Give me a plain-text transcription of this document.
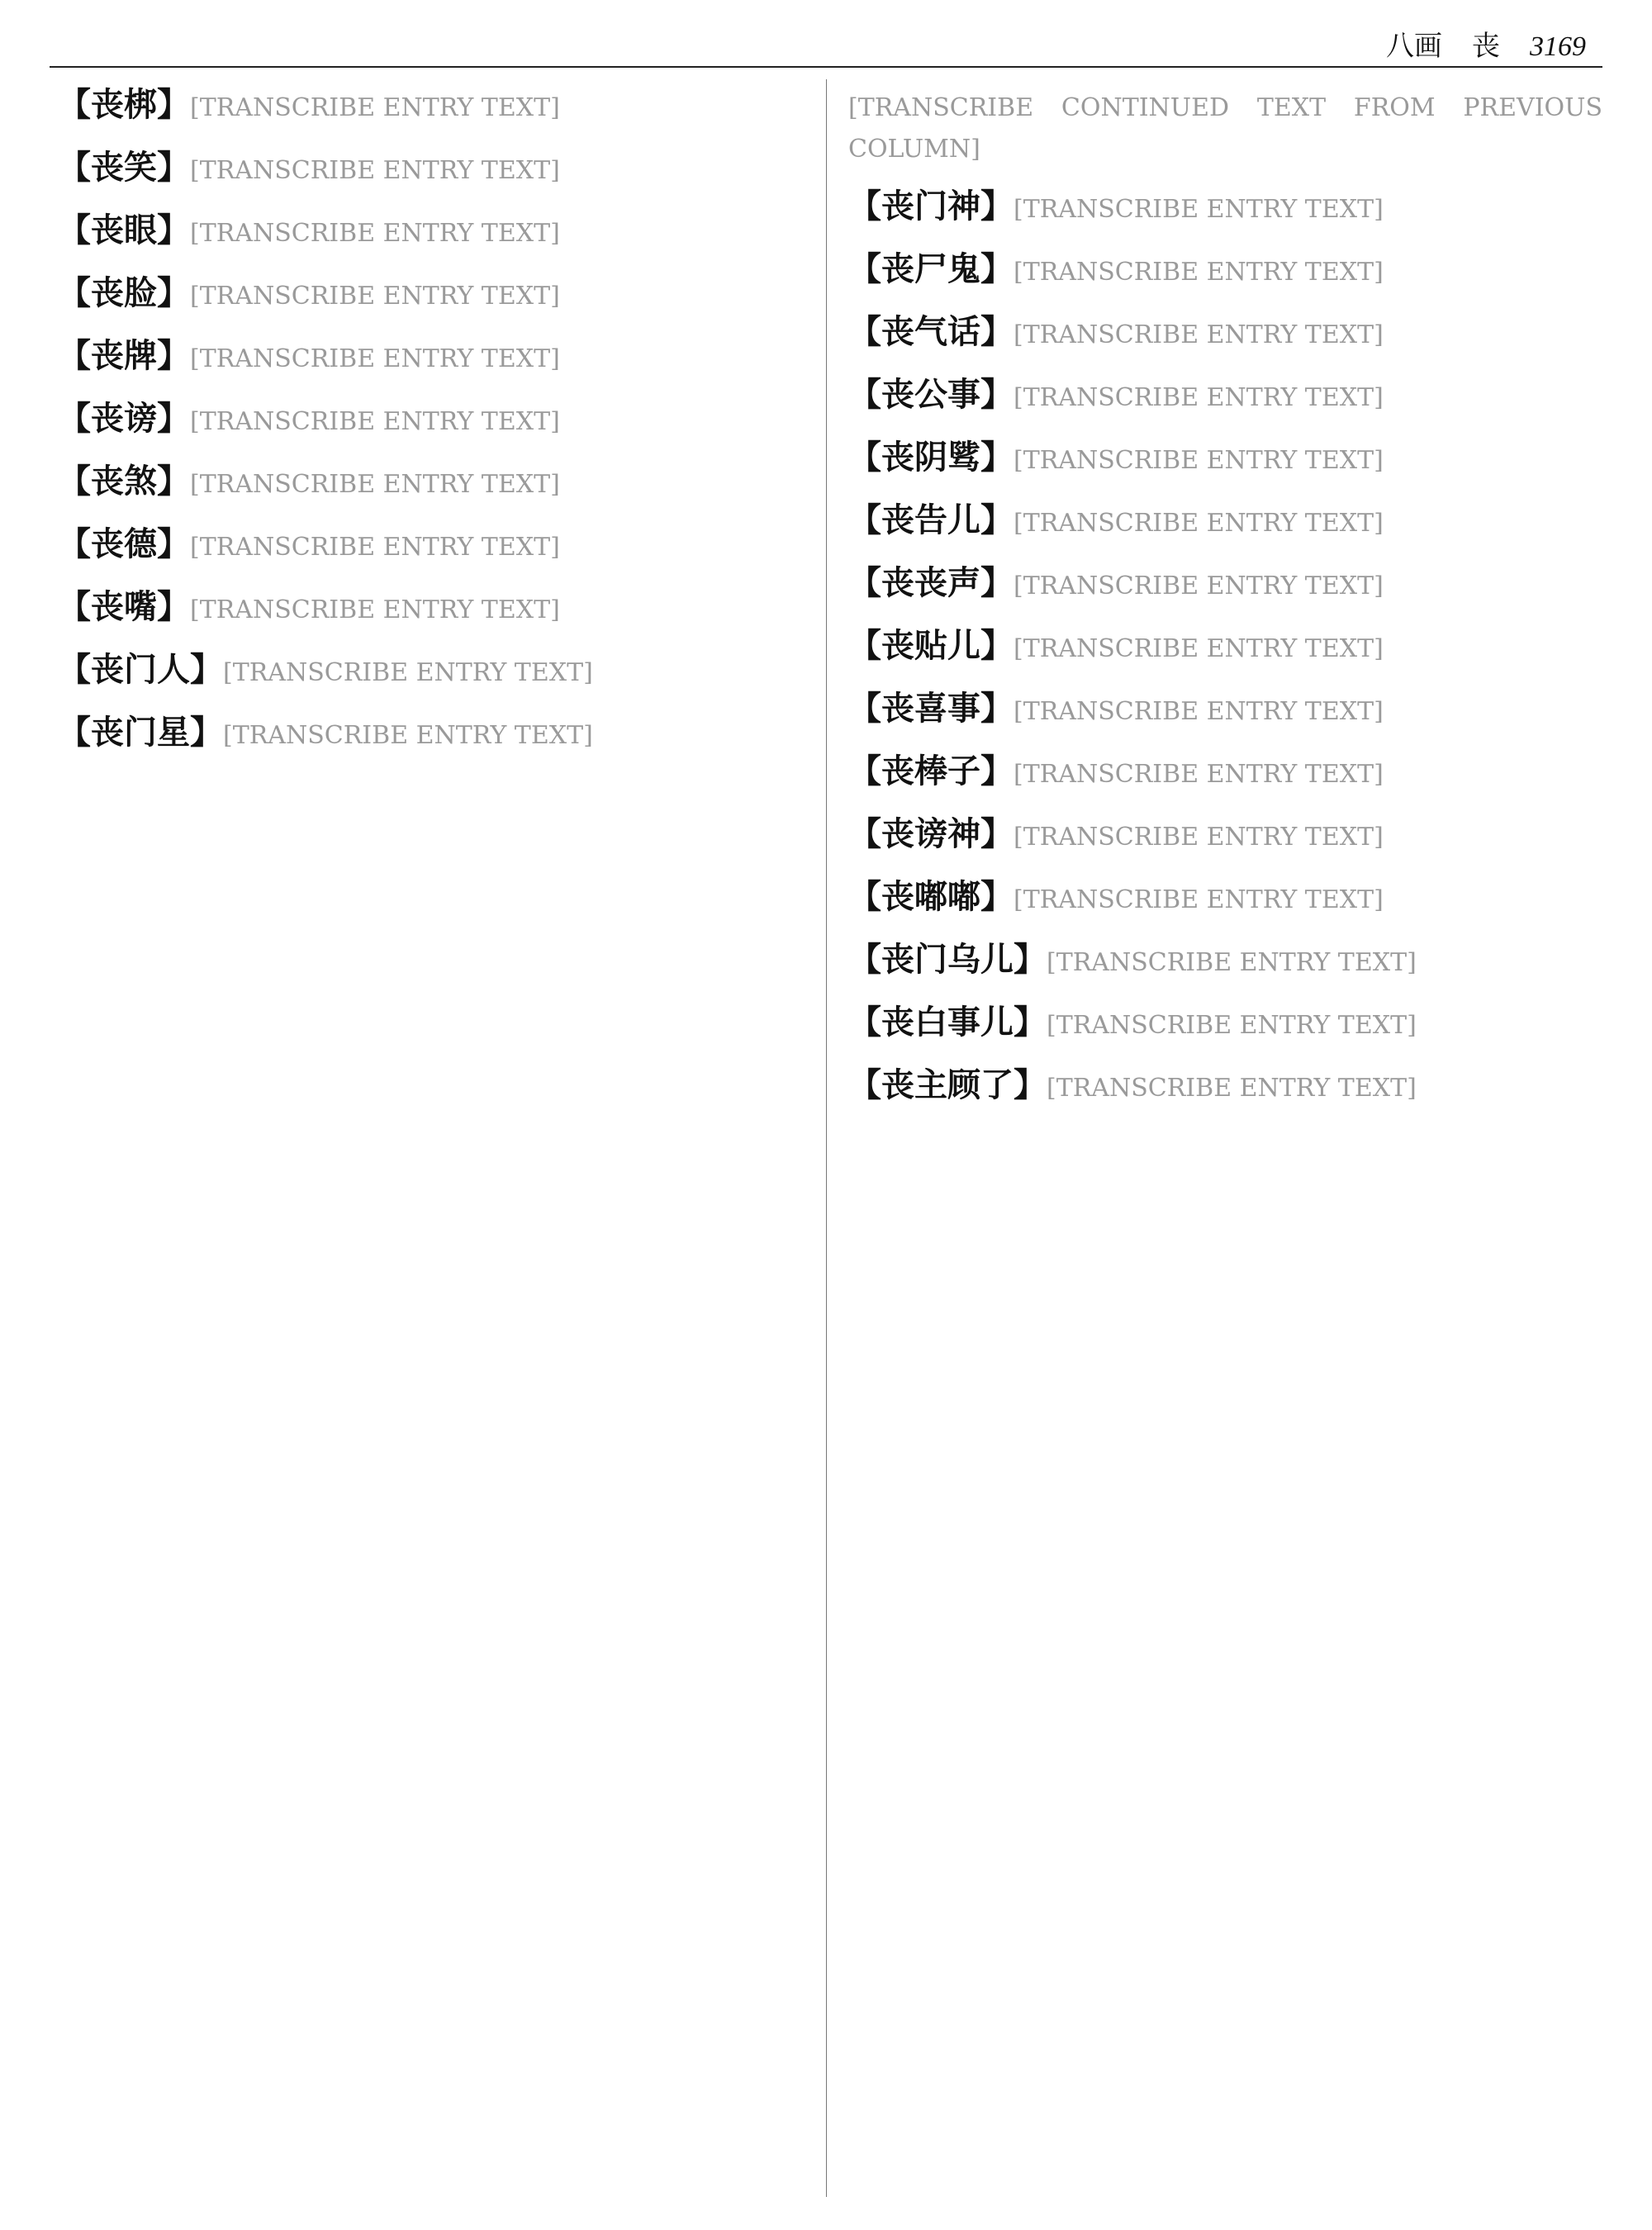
八画 丧 3169

【丧梆】[TRANSCRIBE ENTRY TEXT]

【丧笑】[TRANSCRIBE ENTRY TEXT]

【丧眼】[TRANSCRIBE ENTRY TEXT]

【丧脸】[TRANSCRIBE ENTRY TEXT]

【丧牌】[TRANSCRIBE ENTRY TEXT]

【丧谤】[TRANSCRIBE ENTRY TEXT]

【丧煞】[TRANSCRIBE ENTRY TEXT]

【丧德】[TRANSCRIBE ENTRY TEXT]

【丧嘴】[TRANSCRIBE ENTRY TEXT]

【丧门人】[TRANSCRIBE ENTRY TEXT]

【丧门星】[TRANSCRIBE ENTRY TEXT]

[TRANSCRIBE CONTINUED TEXT FROM PREVIOUS COLUMN]

【丧门神】[TRANSCRIBE ENTRY TEXT]

【丧尸鬼】[TRANSCRIBE ENTRY TEXT]

【丧气话】[TRANSCRIBE ENTRY TEXT]

【丧公事】[TRANSCRIBE ENTRY TEXT]

【丧阴骘】[TRANSCRIBE ENTRY TEXT]

【丧告儿】[TRANSCRIBE ENTRY TEXT]

【丧丧声】[TRANSCRIBE ENTRY TEXT]

【丧贴儿】[TRANSCRIBE ENTRY TEXT]

【丧喜事】[TRANSCRIBE ENTRY TEXT]

【丧棒子】[TRANSCRIBE ENTRY TEXT]

【丧谤神】[TRANSCRIBE ENTRY TEXT]

【丧嘟嘟】[TRANSCRIBE ENTRY TEXT]

【丧门乌儿】[TRANSCRIBE ENTRY TEXT]

【丧白事儿】[TRANSCRIBE ENTRY TEXT]

【丧主顾了】[TRANSCRIBE ENTRY TEXT]
